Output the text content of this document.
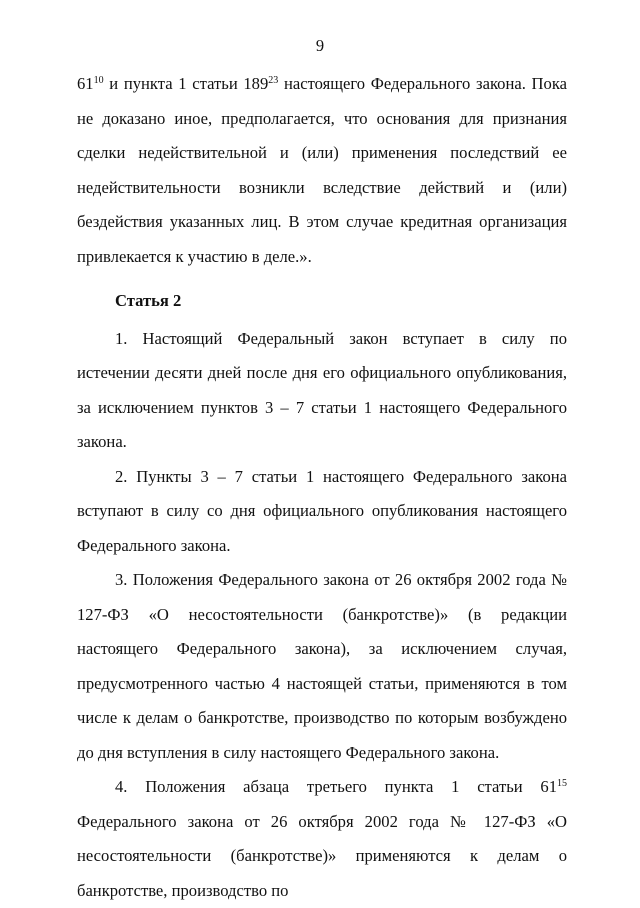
9

$61^{10}$ и пункта 1 статьи $189^{23}$ настоящего Федерального закона. Пока не доказано иное, предполагается, что основания для признания сделки недействительной и (или) применения последствий ее недействительности возникли вследствие действий и (или) бездействия указанных лиц. В этом случае кредитная организация привлекается к участию в деле.».

Статья 2

1. Настоящий Федеральный закон вступает в силу по истечении десяти дней после дня его официального опубликования, за исключением пунктов 3 – 7 статьи 1 настоящего Федерального закона.

2. Пункты 3 – 7 статьи 1 настоящего Федерального закона вступают в силу со дня официального опубликования настоящего Федерального закона.

3. Положения Федерального закона от 26 октября 2002 года № 127-ФЗ «О несостоятельности (банкротстве)» (в редакции настоящего Федерального закона), за исключением случая, предусмотренного частью 4 настоящей статьи, применяются в том числе к делам о банкротстве, производство по которым возбуждено до дня вступления в силу настоящего Федерального закона.

4. Положения абзаца третьего пункта 1 статьи $61^{15}$ Федерального закона от 26 октября 2002 года № 127-ФЗ «О несостоятельности (банкротстве)» применяются к делам о банкротстве, производство по
